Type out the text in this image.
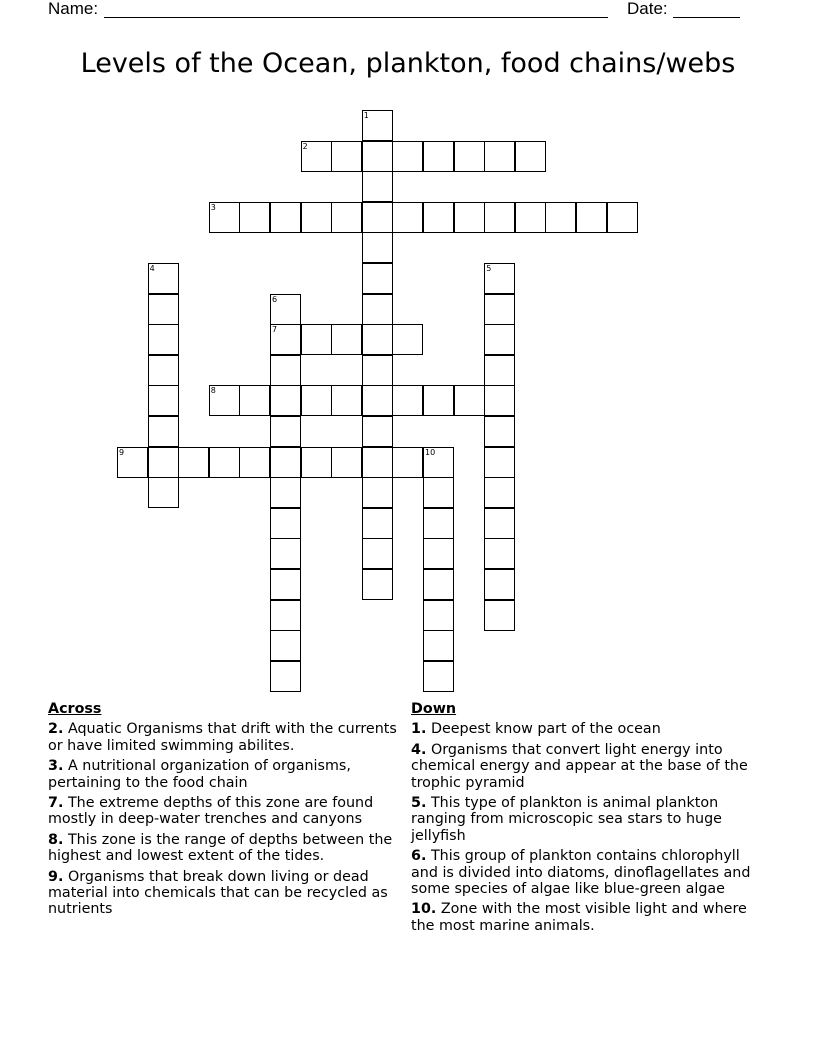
Name:	Date:
Levels of the Ocean, plankton, food chains/webs
1
2
3
4	5
6
7
8
9	10
Across
2. Aquatic Organisms that drift with the currents or have limited swimming abilites.
3. A nutritional organization of organisms, pertaining to the food chain
7. The extreme depths of this zone are found mostly in deep-water trenches and canyons
8. This zone is the range of depths between the highest and lowest extent of the tides.
9. Organisms that break down living or dead material into chemicals that can be recycled as nutrients
Down
1. Deepest know part of the ocean
4. Organisms that convert light energy into chemical energy and appear at the base of the trophic pyramid
5. This type of plankton is animal plankton ranging from microscopic sea stars to huge jellyfish
6. This group of plankton contains chlorophyll and is divided into diatoms, dinoflagellates and some species of algae like blue-green algae
10. Zone with the most visible light and where the most marine animals.
